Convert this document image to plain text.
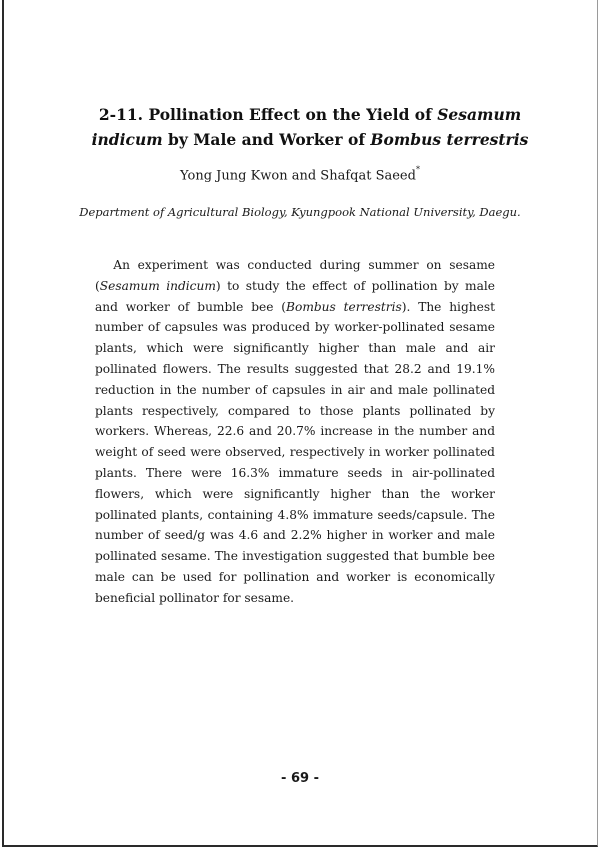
2-11. Pollination Effect on the Yield of Sesamum indicum by Male and Worker of Bombus terrestris
Yong Jung Kwon and Shafqat Saeed*
Department of Agricultural Biology, Kyungpook National University, Daegu.

  An experiment was conducted during summer on sesame (Sesamum indicum) to study the effect of pollination by male and worker of bumble bee (Bombus terrestris). The highest number of capsules was produced by worker-pollinated sesame plants, which were significantly higher than male and air pollinated flowers. The results suggested that 28.2 and 19.1% reduction in the number of capsules in air and male pollinated plants respectively, compared to those plants pollinated by workers. Whereas, 22.6 and 20.7% increase in the number and weight of seed were observed, respectively in worker pollinated plants. There were 16.3% immature seeds in air-pollinated flowers, which were significantly higher than the worker pollinated plants, containing 4.8% immature seeds/capsule. The number of seed/g was 4.6 and 2.2% higher in worker and male pollinated sesame. The investigation suggested that bumble bee male can be used for pollination and worker is economically beneficial pollinator for sesame.

- 69 -
